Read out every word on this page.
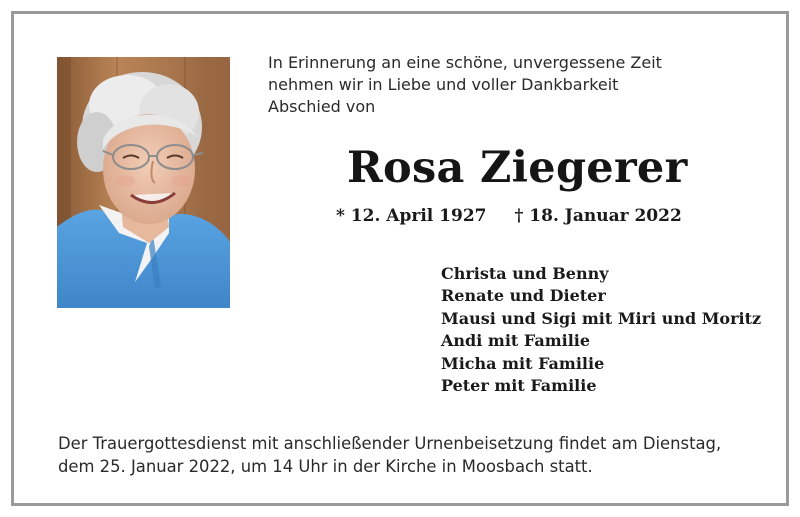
In Erinnerung an eine schöne, unvergessene Zeit
nehmen wir in Liebe und voller Dankbarkeit
Abschied von
Rosa Ziegerer
* 12. April 1927 † 18. Januar 2022
Christa und Benny
Renate und Dieter
Mausi und Sigi mit Miri und Moritz
Andi mit Familie
Micha mit Familie
Peter mit Familie
Der Trauergottesdienst mit anschließender Urnenbeisetzung findet am Dienstag,
dem 25. Januar 2022, um 14 Uhr in der Kirche in Moosbach statt.
